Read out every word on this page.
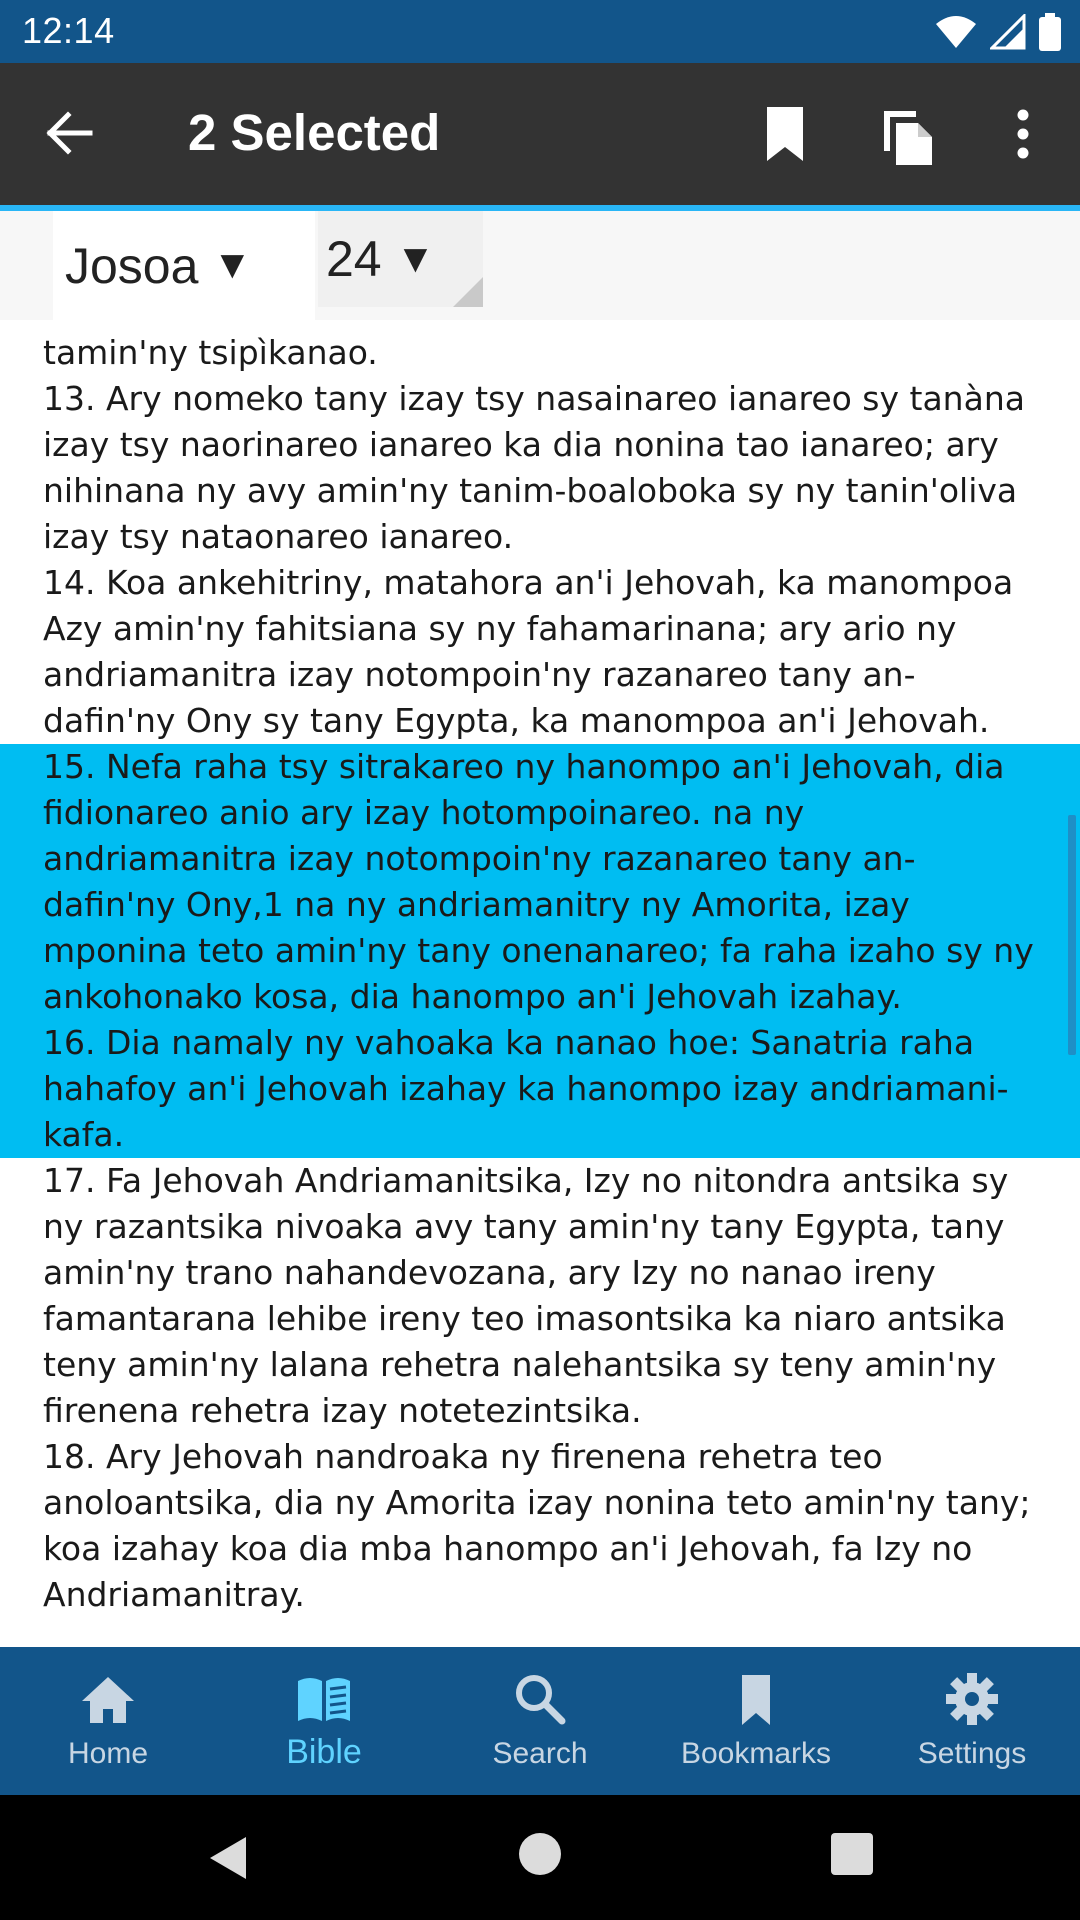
12:14
2 Selected
Josoa ▼ 24 ▼
tamin'ny tsipìkanao.
13. Ary nomeko tany izay tsy nasainareo ianareo sy tanàna izay tsy naorinareo ianareo ka dia nonina tao ianareo; ary nihinana ny avy amin'ny tanim-boaloboka sy ny tanin'oliva izay tsy nataonareo ianareo.
14. Koa ankehitriny, matahora an'i Jehovah, ka manompoa Azy amin'ny fahitsiana sy ny fahamarinana; ary ario ny andriamanitra izay notompoin'ny razanareo tany an-dafin'ny Ony sy tany Egypta, ka manompoa an'i Jehovah.
15. Nefa raha tsy sitrakareo ny hanompo an'i Jehovah, dia fidionareo anio ary izay hotompoinareo. na ny andriamanitra izay notompoin'ny razanareo tany an-dafin'ny Ony,1 na ny andriamanitry ny Amorita, izay mponina teto amin'ny tany onenanareo; fa raha izaho sy ny ankohonako kosa, dia hanompo an'i Jehovah izahay.
16. Dia namaly ny vahoaka ka nanao hoe: Sanatria raha hahafoy an'i Jehovah izahay ka hanompo izay andriamani-kafa.
17. Fa Jehovah Andriamanitsika, Izy no nitondra antsika sy ny razantsika nivoaka avy tany amin'ny tany Egypta, tany amin'ny trano nahandevozana, ary Izy no nanao ireny famantarana lehibe ireny teo imasontsika ka niaro antsika teny amin'ny lalana rehetra nalehantsika sy teny amin'ny firenena rehetra izay notetezintsika.
18. Ary Jehovah nandroaka ny firenena rehetra teo anoloantsika, dia ny Amorita izay nonina teto amin'ny tany; koa izahay koa dia mba hanompo an'i Jehovah, fa Izy no Andriamanitray.
Home	Bible	Search	Bookmarks	Settings
